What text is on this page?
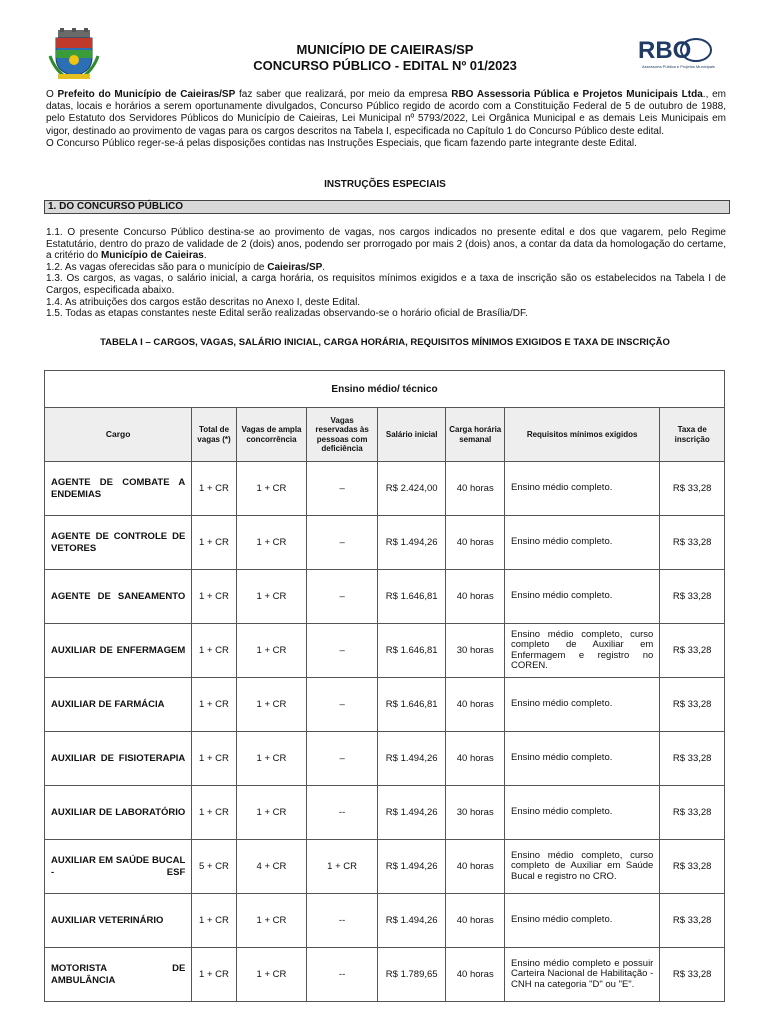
MUNICÍPIO DE CAIEIRAS/SP
CONCURSO PÚBLICO - EDITAL Nº 01/2023
RBO
Assessoria Pública e Projetos Municipais

O Prefeito do Município de Caieiras/SP faz saber que realizará, por meio da empresa RBO Assessoria Pública e Projetos Municipais Ltda., em datas, locais e horários a serem oportunamente divulgados, Concurso Público regido de acordo com a Constituição Federal de 5 de outubro de 1988, pelo Estatuto dos Servidores Públicos do Município de Caieiras, Lei Municipal nº 5793/2022, Lei Orgânica Municipal e as demais Leis Municipais em vigor, destinado ao provimento de vagas para os cargos descritos na Tabela I, especificada no Capítulo 1 do Concurso Público deste edital.

O Concurso Público reger-se-á pelas disposições contidas nas Instruções Especiais, que ficam fazendo parte integrante deste Edital.

INSTRUÇÕES ESPECIAIS
1. DO CONCURSO PÚBLICO

1.1. O presente Concurso Público destina-se ao provimento de vagas, nos cargos indicados no presente edital e dos que vagarem, pelo Regime Estatutário, dentro do prazo de validade de 2 (dois) anos, podendo ser prorrogado por mais 2 (dois) anos, a contar da data da homologação do certame, a critério do Município de Caieiras.

1.2. As vagas oferecidas são para o município de Caieiras/SP.

1.3. Os cargos, as vagas, o salário inicial, a carga horária, os requisitos mínimos exigidos e a taxa de inscrição são os estabelecidos na Tabela I de Cargos, especificada abaixo.

1.4. As atribuições dos cargos estão descritas no Anexo I, deste Edital.

1.5. Todas as etapas constantes neste Edital serão realizadas observando-se o horário oficial de Brasília/DF.

TABELA I – CARGOS, VAGAS, SALÁRIO INICIAL, CARGA HORÁRIA, REQUISITOS MÍNIMOS EXIGIDOS E TAXA DE INSCRIÇÃO
Ensino médio/ técnico							
Cargo	Total de vagas (*)	Vagas de ampla concorrência	Vagas reservadas às pessoas com deficiência	Salário inicial	Carga horária semanal	Requisitos mínimos exigidos	Taxa de inscrição
AGENTE DE COMBATE A ENDEMIAS	1 + CR	1 + CR	–	R$ 2.424,00	40 horas	Ensino médio completo.	R$ 33,28
AGENTE DE CONTROLE DE VETORES	1 + CR	1 + CR	–	R$ 1.494,26	40 horas	Ensino médio completo.	R$ 33,28
AGENTE DE SANEAMENTO	1 + CR	1 + CR	–	R$ 1.646,81	40 horas	Ensino médio completo.	R$ 33,28
AUXILIAR DE ENFERMAGEM	1 + CR	1 + CR	–	R$ 1.646,81	30 horas	Ensino médio completo, curso completo de Auxiliar em Enfermagem e registro no COREN.	R$ 33,28
AUXILIAR DE FARMÁCIA	1 + CR	1 + CR	–	R$ 1.646,81	40 horas	Ensino médio completo.	R$ 33,28
AUXILIAR DE FISIOTERAPIA	1 + CR	1 + CR	–	R$ 1.494,26	40 horas	Ensino médio completo.	R$ 33,28
AUXILIAR DE LABORATÓRIO	1 + CR	1 + CR	--	R$ 1.494,26	30 horas	Ensino médio completo.	R$ 33,28
AUXILIAR EM SAÚDE BUCAL - ESF	5 + CR	4 + CR	1 + CR	R$ 1.494,26	40 horas	Ensino médio completo, curso completo de Auxiliar em Saúde Bucal e registro no CRO.	R$ 33,28
AUXILIAR VETERINÁRIO	1 + CR	1 + CR	--	R$ 1.494,26	40 horas	Ensino médio completo.	R$ 33,28
MOTORISTA DE AMBULÂNCIA	1 + CR	1 + CR	--	R$ 1.789,65	40 horas	Ensino médio completo e possuir Carteira Nacional de Habilitação - CNH na categoria "D" ou "E".	R$ 33,28
